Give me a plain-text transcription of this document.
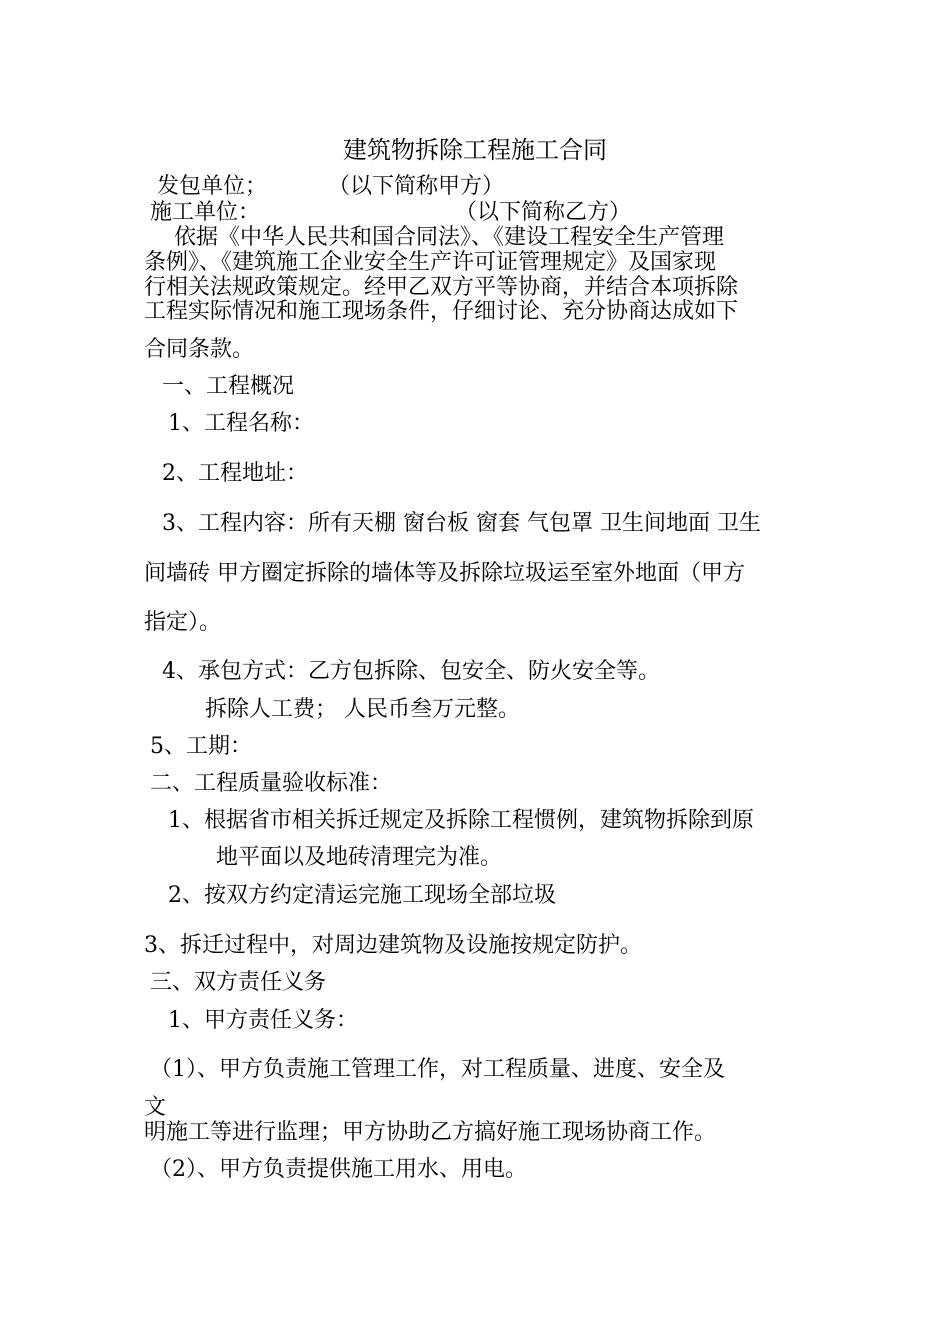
建筑物拆除工程施工合同
发包单位；	（以下简称甲方）
施工单位：	（以下简称乙方）
依据《中华人民共和国合同法》、《建设工程安全生产管理
条例》、《建筑施工企业安全生产许可证管理规定》及国家现
行相关法规政策规定。经甲乙双方平等协商，并结合本项拆除
工程实际情况和施工现场条件，仔细讨论、充分协商达成如下
合同条款。
一、工程概况
1、工程名称：
2、工程地址：
3、工程内容：所有天棚 窗台板 窗套 气包罩 卫生间地面 卫生
间墙砖 甲方圈定拆除的墙体等及拆除垃圾运至室外地面（甲方
指定）。
4、承包方式：乙方包拆除、包安全、防火安全等。
拆除人工费； 人民币叁万元整。
5、工期：
二、工程质量验收标准：
1、根据省市相关拆迁规定及拆除工程惯例，建筑物拆除到原
地平面以及地砖清理完为准。
2、按双方约定清运完施工现场全部垃圾
3、拆迁过程中，对周边建筑物及设施按规定防护。
三、双方责任义务
1、甲方责任义务：
（1）、甲方负责施工管理工作，对工程质量、进度、安全及
文
明施工等进行监理；甲方协助乙方搞好施工现场协商工作。
（2）、甲方负责提供施工用水、用电。
